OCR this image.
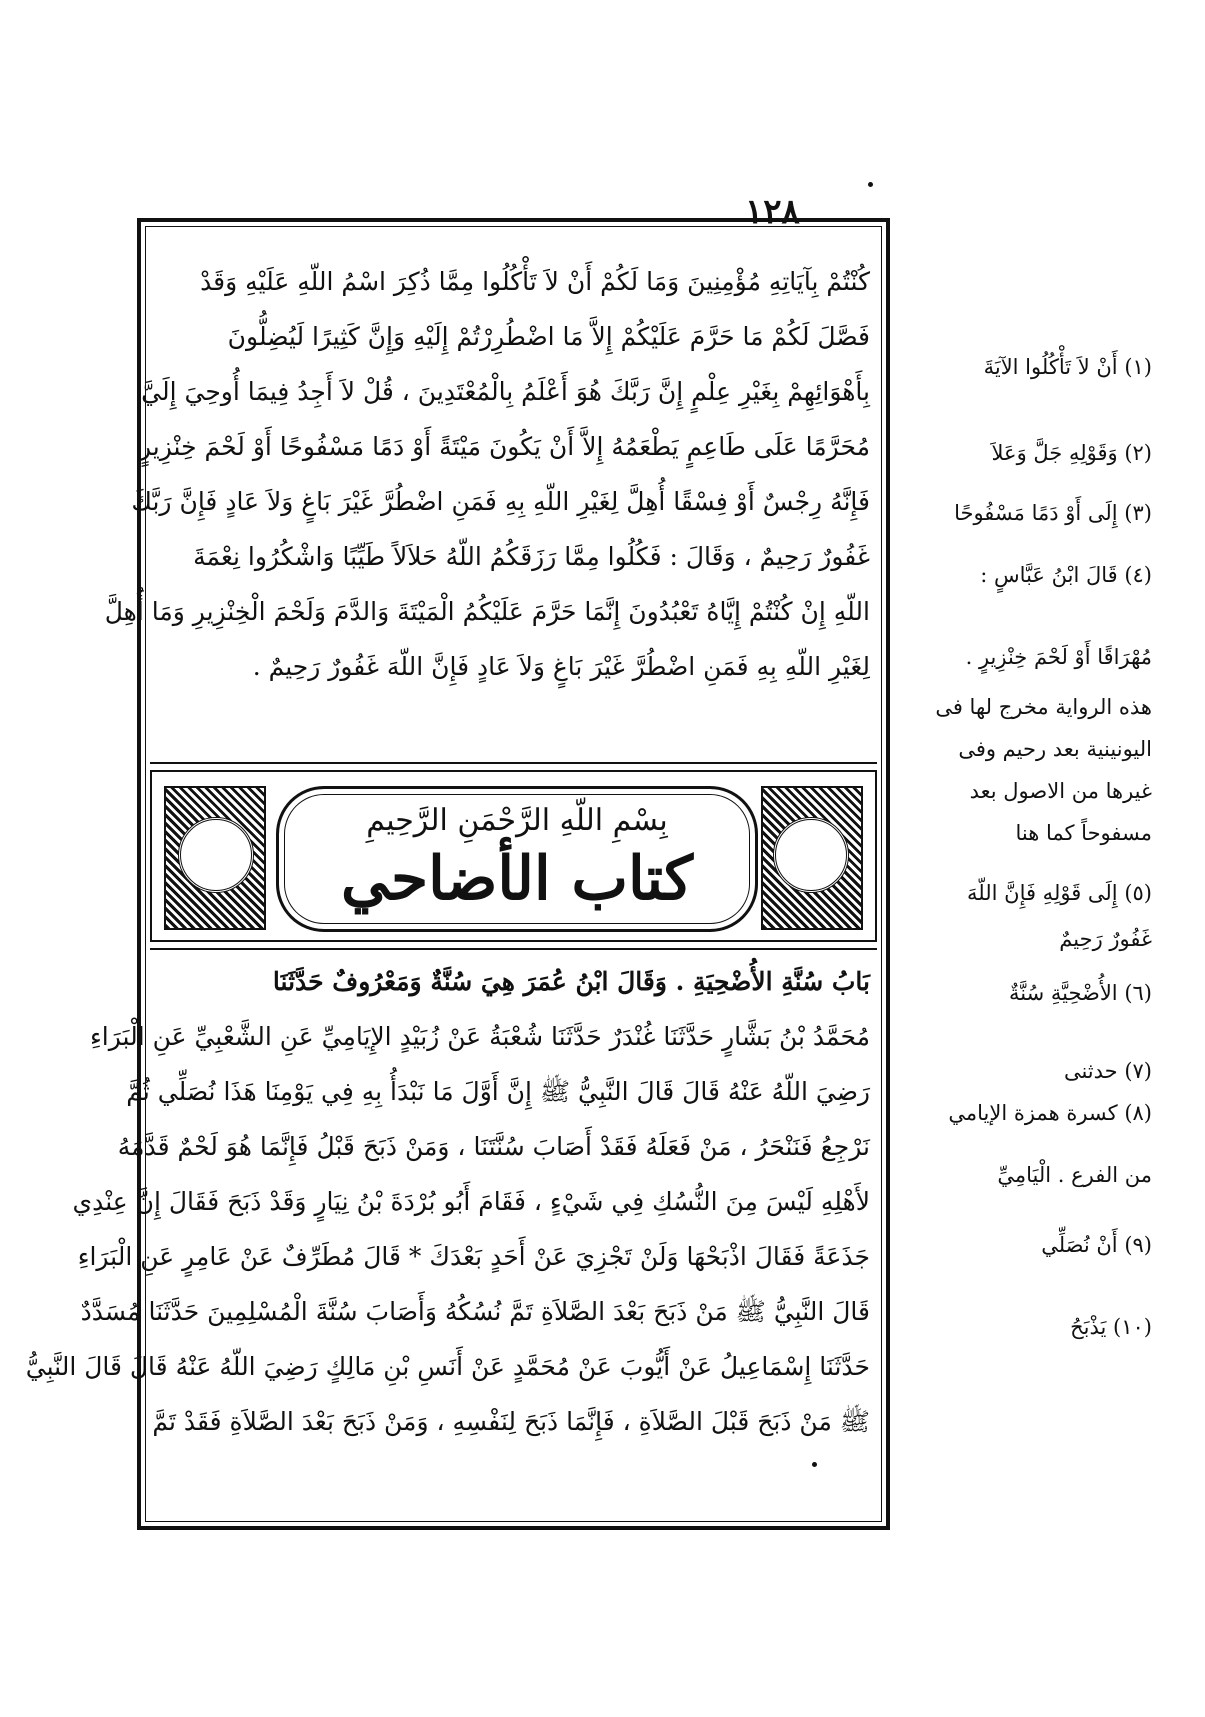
١٢٨

كُنْتُمْ بِآيَاتِهِ مُؤْمِنِينَ وَمَا لَكُمْ أَنْ لاَ تَأْكُلُوا مِمَّا ذُكِرَ اسْمُ اللّهِ عَلَيْهِ وَقَدْ

فَصَّلَ لَكُمْ مَا حَرَّمَ عَلَيْكُمْ إِلاَّ مَا اضْطُرِرْتُمْ إِلَيْهِ وَإِنَّ كَثِيرًا لَيُضِلُّونَ

بِأَهْوَائِهِمْ بِغَيْرِ عِلْمٍ إِنَّ رَبَّكَ هُوَ أَعْلَمُ بِالْمُعْتَدِينَ ، قُلْ لاَ أَجِدُ فِيمَا أُوحِيَ إِلَيَّ

مُحَرَّمًا عَلَى طَاعِمٍ يَطْعَمُهُ إِلاَّ أَنْ يَكُونَ مَيْتَةً أَوْ دَمًا مَسْفُوحًا أَوْ لَحْمَ خِنْزِيرٍ

فَإِنَّهُ رِجْسٌ أَوْ فِسْقًا أُهِلَّ لِغَيْرِ اللّهِ بِهِ فَمَنِ اضْطُرَّ غَيْرَ بَاغٍ وَلاَ عَادٍ فَإِنَّ رَبَّكَ

غَفُورٌ رَحِيمٌ ، وَقَالَ : فَكُلُوا مِمَّا رَزَقَكُمُ اللّهُ حَلاَلاً طَيِّبًا وَاشْكُرُوا نِعْمَةَ

اللّهِ إِنْ كُنْتُمْ إِيَّاهُ تَعْبُدُونَ إِنَّمَا حَرَّمَ عَلَيْكُمُ الْمَيْتَةَ وَالدَّمَ وَلَحْمَ الْخِنْزِيرِ وَمَا أُهِلَّ

لِغَيْرِ اللّهِ بِهِ فَمَنِ اضْطُرَّ غَيْرَ بَاغٍ وَلاَ عَادٍ فَإِنَّ اللّهَ غَفُورٌ رَحِيمٌ .

بِسْمِ اللّهِ الرَّحْمَنِ الرَّحِيمِ
كتاب الأضاحي

بَابُ سُنَّةِ الأُضْحِيَةِ . وَقَالَ ابْنُ عُمَرَ هِيَ سُنَّةٌ وَمَعْرُوفٌ حَدَّثَنَا

مُحَمَّدُ بْنُ بَشَّارٍ حَدَّثَنَا غُنْدَرٌ حَدَّثَنَا شُعْبَةُ عَنْ زُبَيْدٍ الإِيَامِيِّ عَنِ الشَّعْبِيِّ عَنِ الْبَرَاءِ

رَضِيَ اللّهُ عَنْهُ قَالَ قَالَ النَّبِيُّ ﷺ إِنَّ أَوَّلَ مَا نَبْدَأُ بِهِ فِي يَوْمِنَا هَذَا نُصَلِّي ثُمَّ

نَرْجِعُ فَنَنْحَرُ ، مَنْ فَعَلَهُ فَقَدْ أَصَابَ سُنَّتَنَا ، وَمَنْ ذَبَحَ قَبْلُ فَإِنَّمَا هُوَ لَحْمٌ قَدَّمَهُ

لأَهْلِهِ لَيْسَ مِنَ النُّسُكِ فِي شَيْءٍ ، فَقَامَ أَبُو بُرْدَةَ بْنُ نِيَارٍ وَقَدْ ذَبَحَ فَقَالَ إِنَّ عِنْدِي

جَذَعَةً فَقَالَ اذْبَحْهَا وَلَنْ تَجْزِيَ عَنْ أَحَدٍ بَعْدَكَ * قَالَ مُطَرِّفٌ عَنْ عَامِرٍ عَنِ الْبَرَاءِ

قَالَ النَّبِيُّ ﷺ مَنْ ذَبَحَ بَعْدَ الصَّلاَةِ تَمَّ نُسُكُهُ وَأَصَابَ سُنَّةَ الْمُسْلِمِينَ حَدَّثَنَا مُسَدَّدٌ

حَدَّثَنَا إِسْمَاعِيلُ عَنْ أَيُّوبَ عَنْ مُحَمَّدٍ عَنْ أَنَسِ بْنِ مَالِكٍ رَضِيَ اللّهُ عَنْهُ قَالَ قَالَ النَّبِيُّ

ﷺ مَنْ ذَبَحَ قَبْلَ الصَّلاَةِ ، فَإِنَّمَا ذَبَحَ لِنَفْسِهِ ، وَمَنْ ذَبَحَ بَعْدَ الصَّلاَةِ فَقَدْ تَمَّ

(١) أَنْ لاَ تَأْكُلُوا الآيَةَ
(٢) وَقَوْلِهِ جَلَّ وَعَلاَ
(٣) إِلَى أَوْ دَمًا مَسْفُوحًا
(٤) قَالَ ابْنُ عَبَّاسٍ :
مُهْرَاقًا أَوْ لَحْمَ خِنْزِيرٍ .
هذه الرواية مخرج لها فى
اليونينية بعد رحيم وفى
غيرها من الاصول بعد
مسفوحاً كما هنا
(٥) إِلَى قَوْلِهِ فَإِنَّ اللّهَ
غَفُورٌ رَحِيمٌ
(٦) الأُضْحِيَّةِ سُنَّةٌ
(٧) حدثنى
(٨) كسرة همزة الإيامي
من الفرع . الْيَامِيِّ
(٩) أَنْ نُصَلِّي
(١٠) يَذْبَحُ
